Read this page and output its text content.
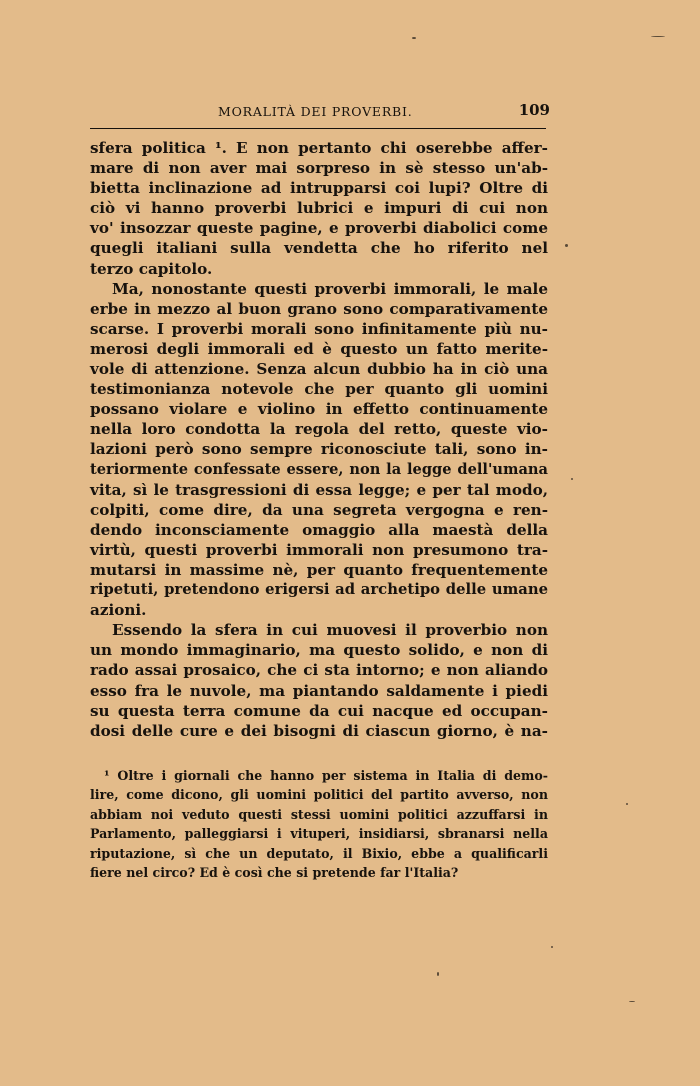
MORALITÀ DEI PROVERBI.	109
sfera politica ¹. E non pertanto chi oserebbe affer-
mare di non aver mai sorpreso in sè stesso un'ab-
bietta inclinazione ad intrupparsi coi lupi? Oltre di
ciò vi hanno proverbi lubrici e impuri di cui non
vo' insozzar queste pagine, e proverbi diabolici come
quegli italiani sulla vendetta che ho riferito nel
terzo capitolo.
Ma, nonostante questi proverbi immorali, le male
erbe in mezzo al buon grano sono comparativamente
scarse. I proverbi morali sono infinitamente più nu-
merosi degli immorali ed è questo un fatto merite-
vole di attenzione. Senza alcun dubbio ha in ciò una
testimonianza notevole che per quanto gli uomini
possano violare e violino in effetto continuamente
nella loro condotta la regola del retto, queste vio-
lazioni però sono sempre riconosciute tali, sono in-
teriormente confessate essere, non la legge dell'umana
vita, sì le trasgressioni di essa legge; e per tal modo,
colpiti, come dire, da una segreta vergogna e ren-
dendo inconsciamente omaggio alla maestà della
virtù, questi proverbi immorali non presumono tra-
mutarsi in massime nè, per quanto frequentemente
ripetuti, pretendono erigersi ad archetipo delle umane
azioni.
Essendo la sfera in cui muovesi il proverbio non
un mondo immaginario, ma questo solido, e non di
rado assai prosaico, che ci sta intorno; e non aliando
esso fra le nuvole, ma piantando saldamente i piedi
su questa terra comune da cui nacque ed occupan-
dosi delle cure e dei bisogni di ciascun giorno, è na-
¹ Oltre i giornali che hanno per sistema in Italia di demo-
lire, come dicono, gli uomini politici del partito avverso, non
abbiam noi veduto questi stessi uomini politici azzuffarsi in
Parlamento, palleggiarsi i vituperi, insidiarsi, sbranarsi nella
riputazione, sì che un deputato, il Bixio, ebbe a qualificarli
fiere nel circo? Ed è così che si pretende far l'Italia?
